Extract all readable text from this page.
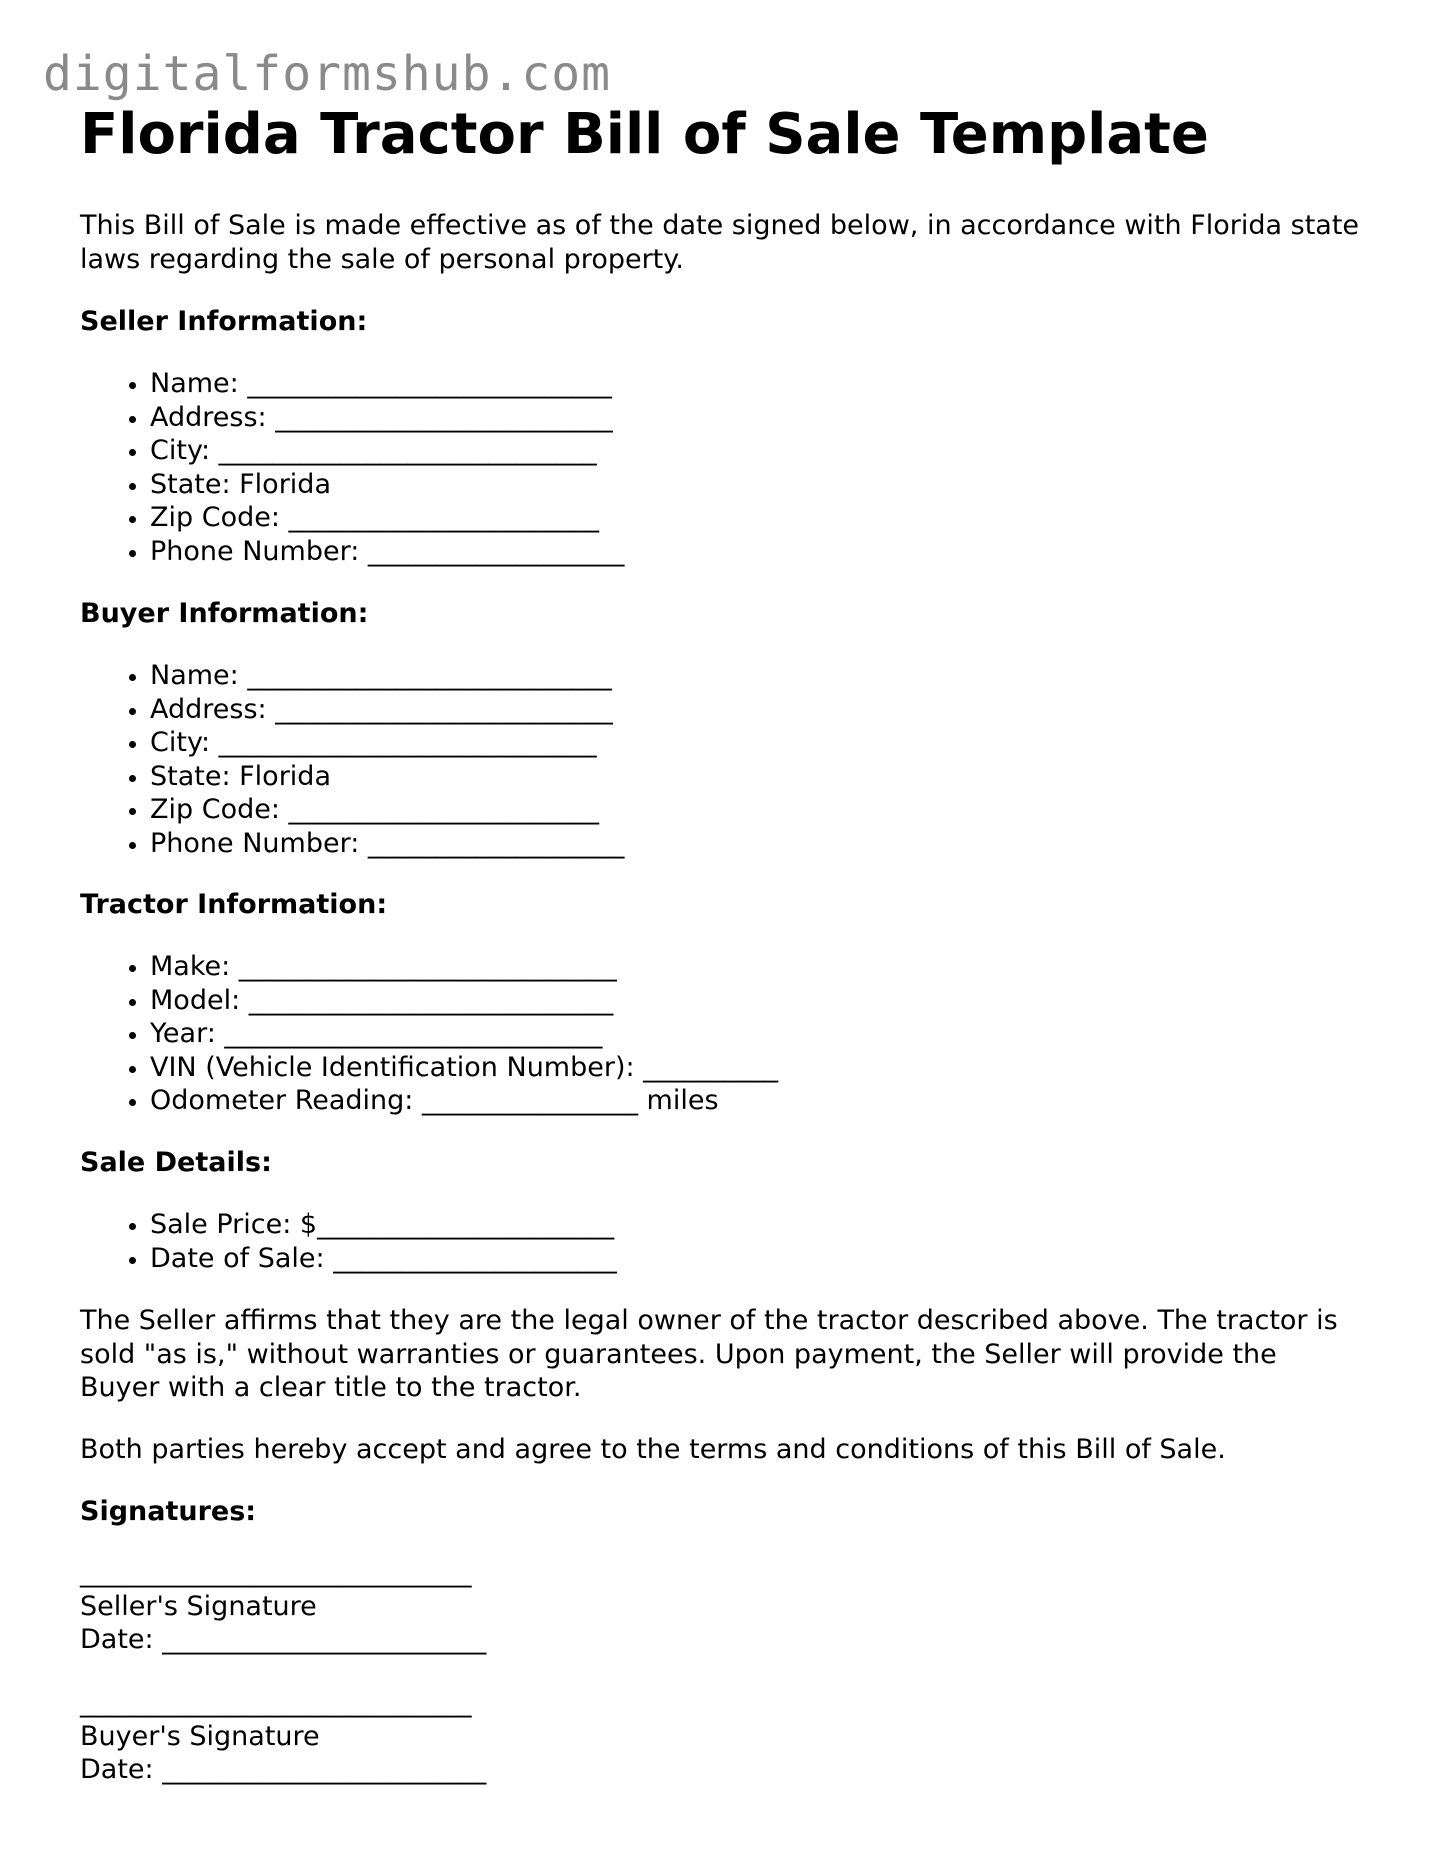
digitalformshub.com
Florida Tractor Bill of Sale Template

This Bill of Sale is made effective as of the date signed below, in accordance with Florida state laws regarding the sale of personal property.

Seller Information:

• Name: ___________________________
• Address: _________________________
• City: ____________________________
• State: Florida
• Zip Code: _______________________
• Phone Number: ___________________

Buyer Information:

• Name: ___________________________
• Address: _________________________
• City: ____________________________
• State: Florida
• Zip Code: _______________________
• Phone Number: ___________________

Tractor Information:

• Make: ____________________________
• Model: ___________________________
• Year: ____________________________
• VIN (Vehicle Identification Number): __________
• Odometer Reading: ________________ miles

Sale Details:

• Sale Price: $______________________
• Date of Sale: _____________________

The Seller affirms that they are the legal owner of the tractor described above. The tractor is sold "as is," without warranties or guarantees. Upon payment, the Seller will provide the Buyer with a clear title to the tractor.

Both parties hereby accept and agree to the terms and conditions of this Bill of Sale.

Signatures:

_____________________________
Seller's Signature
Date: ________________________
_____________________________
Buyer's Signature
Date: ________________________
